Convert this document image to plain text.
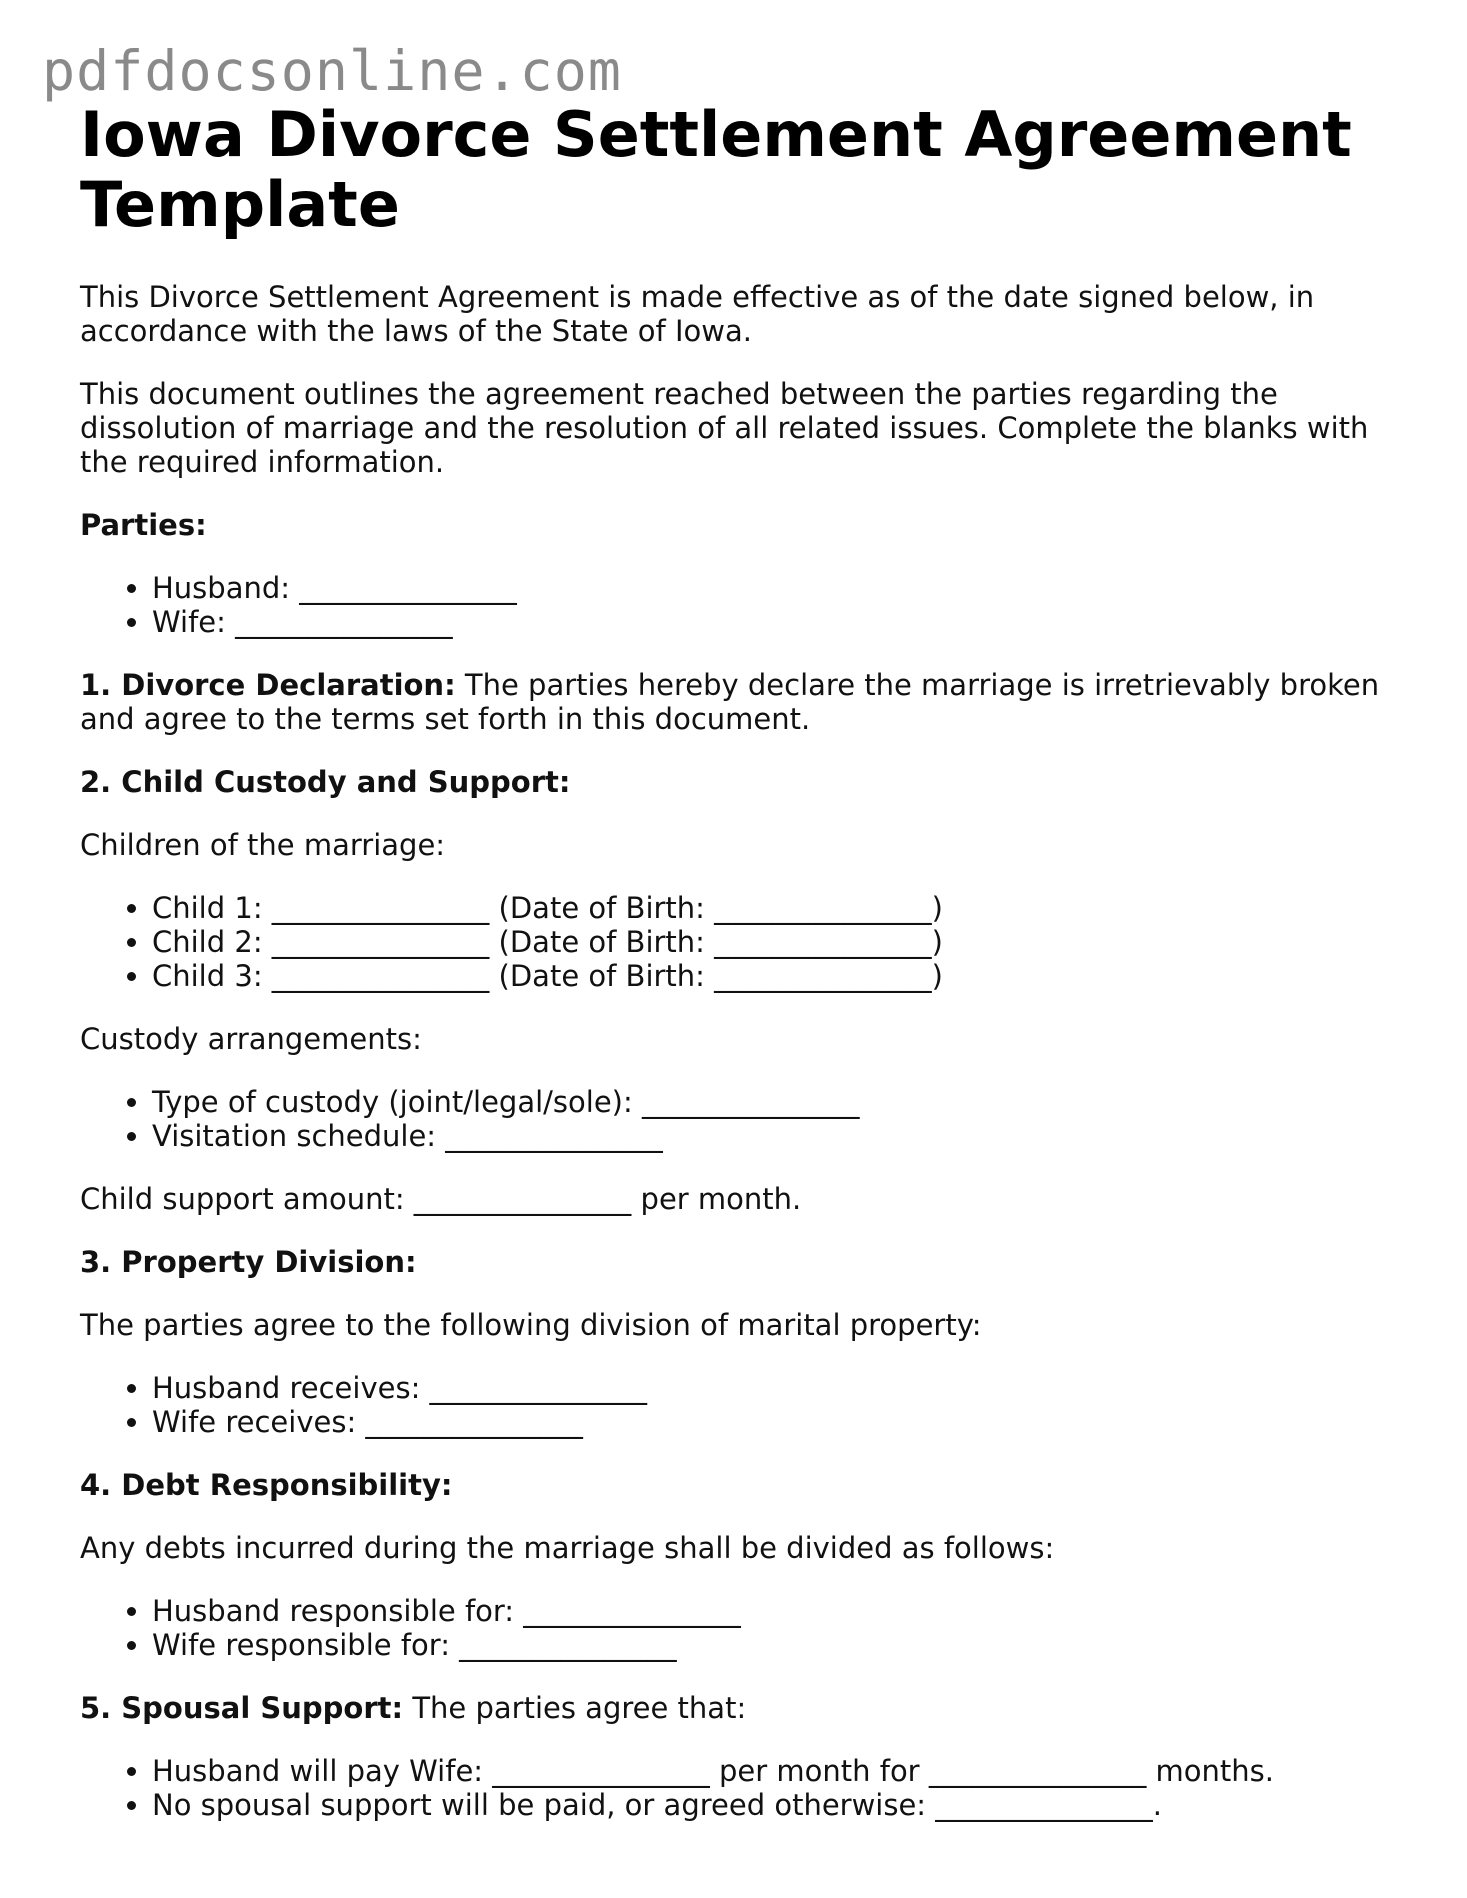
pdfdocsonline.com
Iowa Divorce Settlement Agreement Template

This Divorce Settlement Agreement is made effective as of the date signed below, in accordance with the laws of the State of Iowa.

This document outlines the agreement reached between the parties regarding the dissolution of marriage and the resolution of all related issues. Complete the blanks with the required information.

Parties:

• Husband: _______________
• Wife: _______________

1. Divorce Declaration: The parties hereby declare the marriage is irretrievably broken and agree to the terms set forth in this document.

2. Child Custody and Support:

Children of the marriage:

• Child 1: _______________ (Date of Birth: _______________)
• Child 2: _______________ (Date of Birth: _______________)
• Child 3: _______________ (Date of Birth: _______________)

Custody arrangements:

• Type of custody (joint/legal/sole): _______________
• Visitation schedule: _______________

Child support amount: _______________ per month.

3. Property Division:

The parties agree to the following division of marital property:

• Husband receives: _______________
• Wife receives: _______________

4. Debt Responsibility:

Any debts incurred during the marriage shall be divided as follows:

• Husband responsible for: _______________
• Wife responsible for: _______________

5. Spousal Support: The parties agree that:

• Husband will pay Wife: _______________ per month for _______________ months.
• No spousal support will be paid, or agreed otherwise: _______________.
